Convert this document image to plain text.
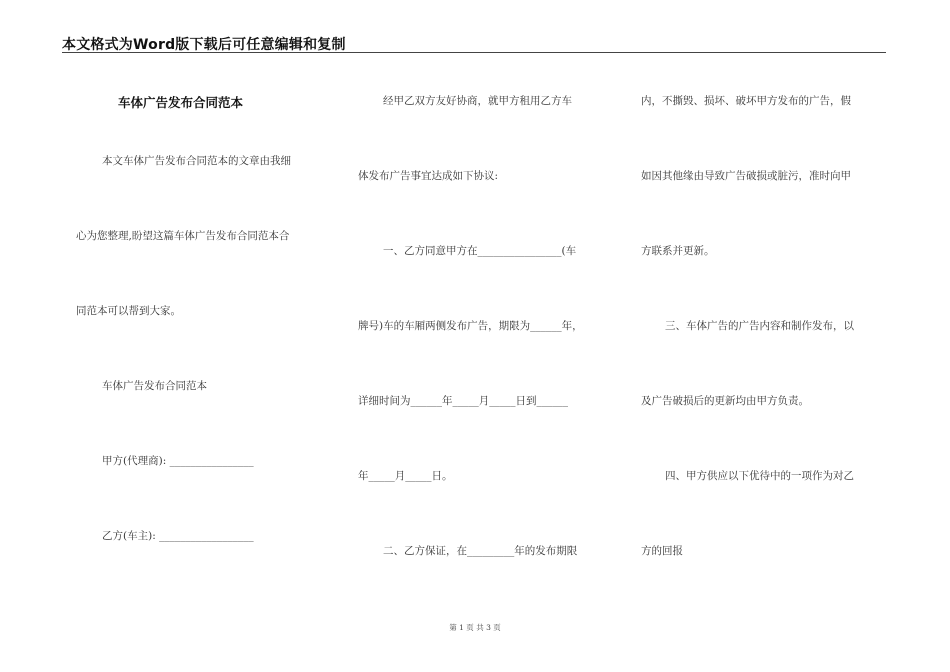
本文格式为Word版下载后可任意编辑和复制
车体广告发布合同范本
本文车体广告发布合同范本的文章由我细
心为您整理,盼望这篇车体广告发布合同范本合
同范本可以帮到大家。
车体广告发布合同范本
甲方(代理商): ________________
乙方(车主): __________________
经甲乙双方友好协商，就甲方租用乙方车
体发布广告事宜达成如下协议:
一、乙方同意甲方在________________(车
牌号)车的车厢两侧发布广告，期限为______年，
详细时间为______年_____月_____日到______
年_____月_____日。
二、乙方保证，在_________年的发布期限
内，不撕毁、损坏、破坏甲方发布的广告，假
如因其他缘由导致广告破损或脏污，准时向甲
方联系并更新。
三、车体广告的广告内容和制作发布，以
及广告破损后的更新均由甲方负责。
四、甲方供应以下优待中的一项作为对乙
方的回报
第 1 页 共 3 页
